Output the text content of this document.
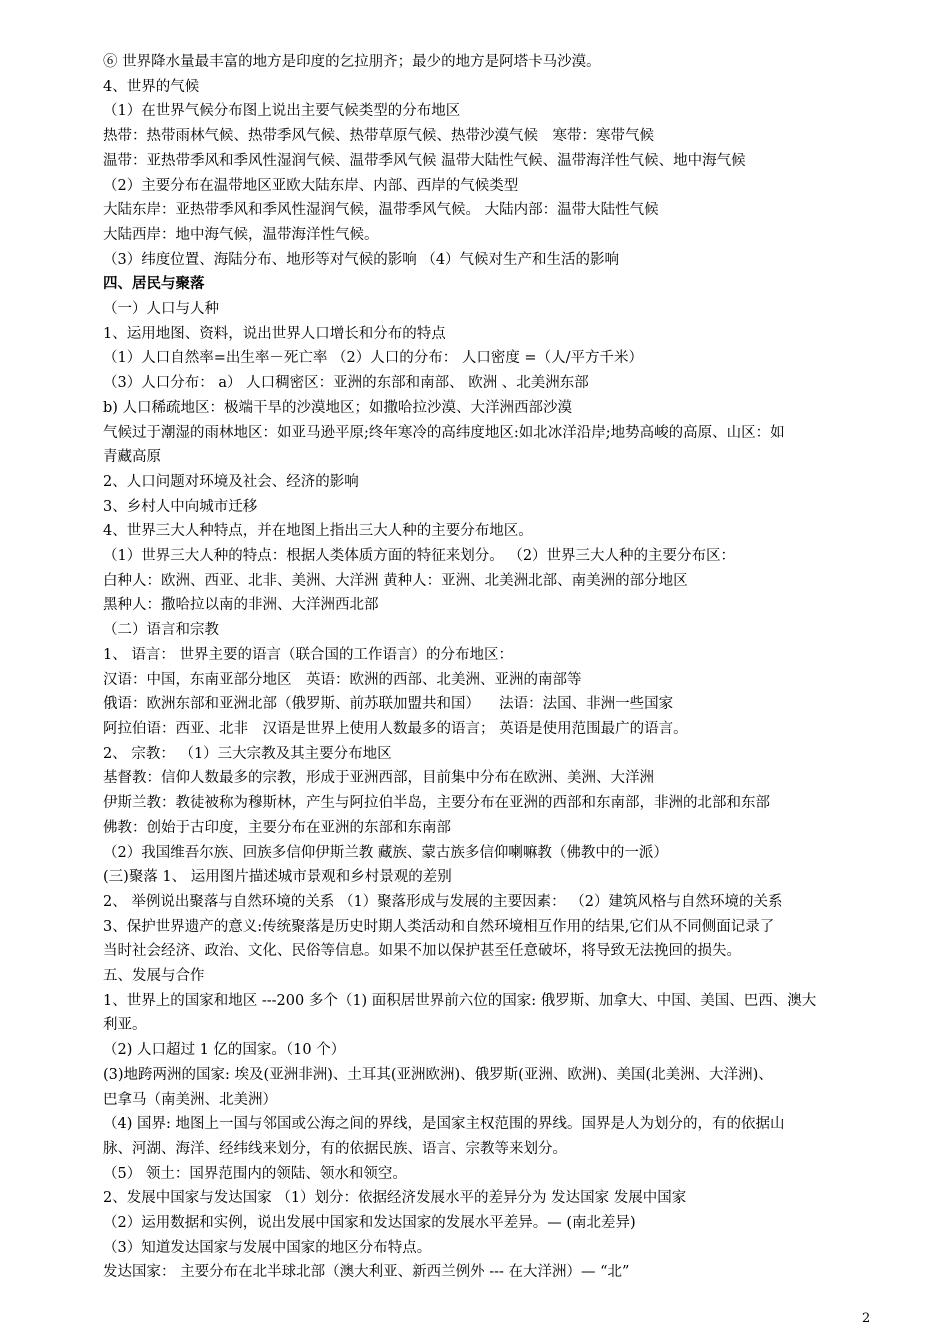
⑥ 世界降水量最丰富的地方是印度的乞拉朋齐；最少的地方是阿塔卡马沙漠。
4、世界的气候
（1）在世界气候分布图上说出主要气候类型的分布地区
热带：热带雨林气候、热带季风气候、热带草原气候、热带沙漠气候　寒带：寒带气候
温带：亚热带季风和季风性湿润气候、温带季风气候 温带大陆性气候、温带海洋性气候、地中海气候
（2）主要分布在温带地区亚欧大陆东岸、内部、西岸的气候类型
大陆东岸：亚热带季风和季风性湿润气候，温带季风气候。 大陆内部：温带大陆性气候
大陆西岸：地中海气候，温带海洋性气候。
（3）纬度位置、海陆分布、地形等对气候的影响 （4）气候对生产和生活的影响
四、居民与聚落
（一）人口与人种
1、运用地图、资料，说出世界人口增长和分布的特点
（1）人口自然率=出生率－死亡率 （2）人口的分布： 人口密度 =（人/平方千米）
（3）人口分布： a） 人口稠密区：亚洲的东部和南部、 欧洲 、北美洲东部
b) 人口稀疏地区：极端干旱的沙漠地区；如撒哈拉沙漠、大洋洲西部沙漠
气候过于潮湿的雨林地区：如亚马逊平原;终年寒冷的高纬度地区:如北冰洋沿岸;地势高峻的高原、山区：如
青藏高原
2、人口问题对环境及社会、经济的影响
3、乡村人中向城市迁移
4、世界三大人种特点，并在地图上指出三大人种的主要分布地区。
（1）世界三大人种的特点：根据人类体质方面的特征来划分。 （2）世界三大人种的主要分布区：
白种人：欧洲、西亚、北非、美洲、大洋洲 黄种人：亚洲、北美洲北部、南美洲的部分地区
黑种人：撒哈拉以南的非洲、大洋洲西北部
（二）语言和宗教
1、 语言： 世界主要的语言（联合国的工作语言）的分布地区：
汉语：中国，东南亚部分地区　英语：欧洲的西部、北美洲、亚洲的南部等
俄语：欧洲东部和亚洲北部（俄罗斯、前苏联加盟共和国） 　法语：法国、非洲一些国家
阿拉伯语：西亚、北非　汉语是世界上使用人数最多的语言； 英语是使用范围最广的语言。
2、 宗教： （1）三大宗教及其主要分布地区
基督教：信仰人数最多的宗教，形成于亚洲西部，目前集中分布在欧洲、美洲、大洋洲
伊斯兰教：教徒被称为穆斯林，产生与阿拉伯半岛，主要分布在亚洲的西部和东南部，非洲的北部和东部
佛教：创始于古印度，主要分布在亚洲的东部和东南部
（2）我国维吾尔族、回族多信仰伊斯兰教 藏族、蒙古族多信仰喇嘛教（佛教中的一派）
(三)聚落 1、 运用图片描述城市景观和乡村景观的差别
2、 举例说出聚落与自然环境的关系 （1）聚落形成与发展的主要因素： （2）建筑风格与自然环境的关系
3、保护世界遗产的意义:传统聚落是历史时期人类活动和自然环境相互作用的结果,它们从不同侧面记录了
当时社会经济、政治、文化、民俗等信息。如果不加以保护甚至任意破坏，将导致无法挽回的损失。
五、发展与合作
1、世界上的国家和地区 ---200 多个（1) 面积居世界前六位的国家: 俄罗斯、加拿大、中国、美国、巴西、澳大
利亚。
（2) 人口超过 1 亿的国家。（10 个）
(3)地跨两洲的国家: 埃及(亚洲非洲)、土耳其(亚洲欧洲)、俄罗斯(亚洲、欧洲)、美国(北美洲、大洋洲)、
巴拿马（南美洲、北美洲）
（4) 国界: 地图上一国与邻国或公海之间的界线，是国家主权范围的界线。国界是人为划分的，有的依据山
脉、河湖、海洋、经纬线来划分，有的依据民族、语言、宗教等来划分。
（5） 领土：国界范围内的领陆、领水和领空。
2、发展中国家与发达国家 （1）划分：依据经济发展水平的差异分为 发达国家 发展中国家
（2）运用数据和实例，说出发展中国家和发达国家的发展水平差异。— (南北差异)
（3）知道发达国家与发展中国家的地区分布特点。
发达国家： 主要分布在北半球北部（澳大利亚、新西兰例外 --- 在大洋洲）— “北”
2
